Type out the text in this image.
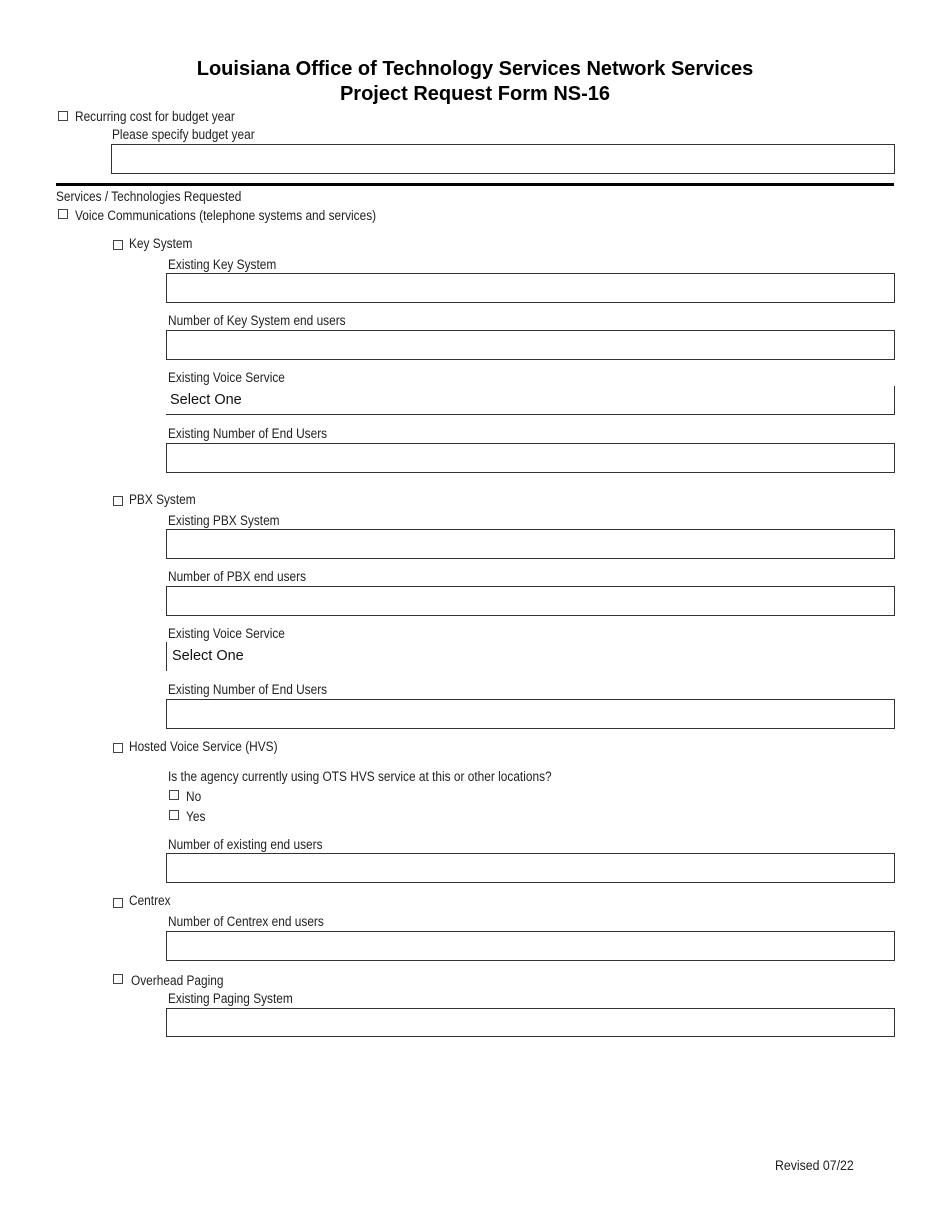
Louisiana Office of Technology Services Network Services
Project Request Form NS-16
Recurring cost for budget year
Please specify budget year
Services / Technologies Requested
Voice Communications (telephone systems and services)
Key System
Existing Key System
Number of Key System end users
Existing Voice Service
Select One
Existing Number of End Users
PBX System
Existing PBX System
Number of PBX end users
Existing Voice Service
Select One
Existing Number of End Users
Hosted Voice Service (HVS)
Is the agency currently using OTS HVS service at this or other locations?
No
Yes
Number of existing end users
Centrex
Number of Centrex end users
Overhead Paging
Existing Paging System
Revised 07/22
